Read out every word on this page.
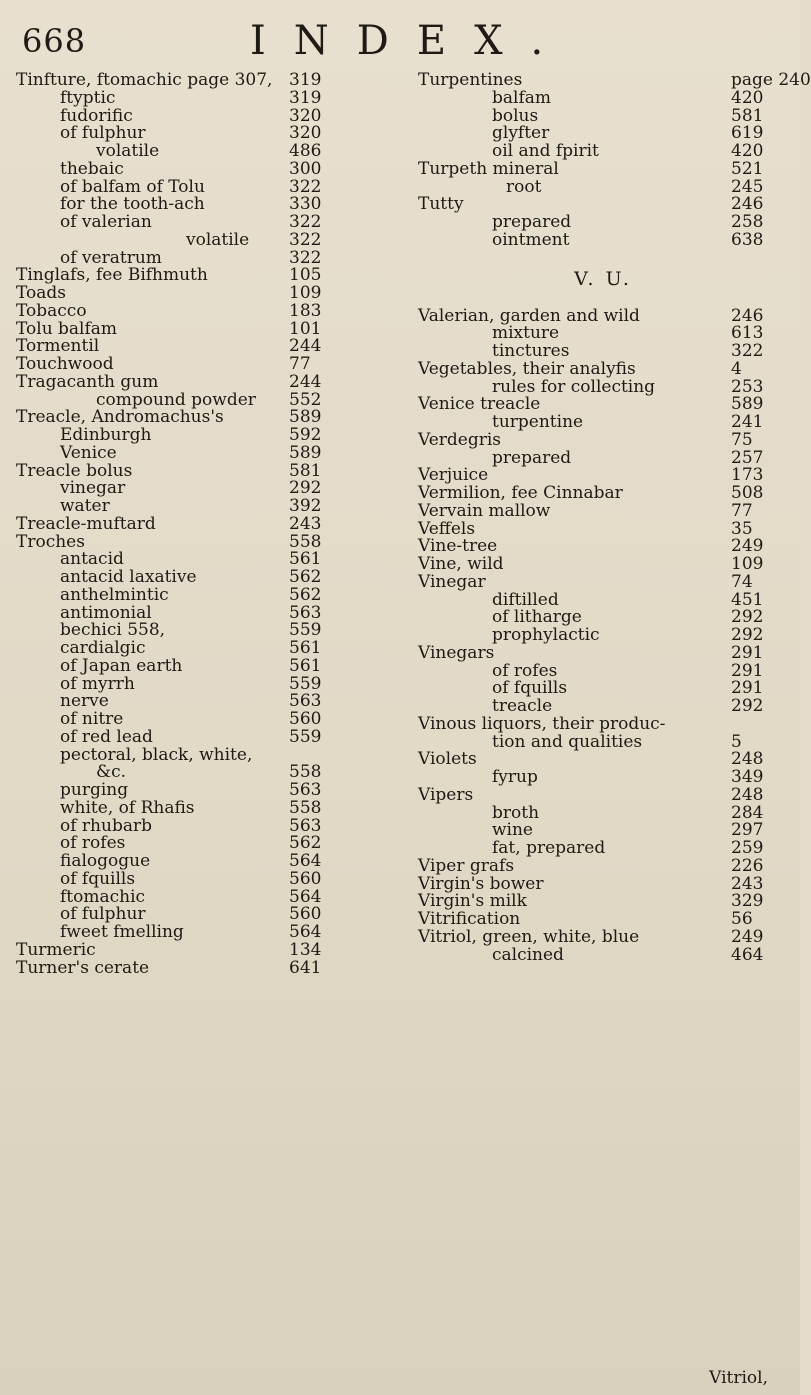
668	INDEX.
Tinfture, ftomachic page 307, 319
ftyptic	319
fudorific	320
of fulphur	320
volatile	486
thebaic	300
of balfam of Tolu	322
for the tooth-ach	330
of valerian	322
volatile 322
of veratrum	322
Tinglafs, fee Bifhmuth	105
Toads	109
Tobacco	183
Tolu balfam	101
Tormentil	244
Touchwood	77
Tragacanth gum	244
compound powder 552
Treacle, Andromachus's	589
Edinburgh	592
Venice	589
Treacle bolus	581
vinegar	292
water	392
Treacle-muftard	243
Troches	558
antacid	561
antacid laxative	562
anthelmintic	562
antimonial	563
bechici 558,	559
cardialgic	561
of Japan earth	561
of myrrh	559
nerve	563
of nitre	560
of red lead	559
pectoral, black, white,
&c.	558
purging	563
white, of Rhafis	558
of rhubarb	563
of rofes	562
fialogogue	564
of fquills	560
ftomachic	564
of fulphur	560
fweet fmelling	564
Turmeric	134
Turner's cerate	641
Turpentines	page 240
balfam	420
bolus	581
glyfter	619
oil and fpirit	420
Turpeth mineral	521
root	245
Tutty	246
prepared	258
ointment	638
V. U.
Valerian, garden and wild	246
mixture	613
tinctures	322
Vegetables, their analyfis	4
rules for collecting	253
Venice treacle	589
turpentine	241
Verdegris	75
prepared	257
Verjuice	173
Vermilion, fee Cinnabar	508
Vervain mallow	77
Veffels	35
Vine-tree	249
Vine, wild	109
Vinegar	74
diftilled	451
of litharge	292
prophylactic	292
Vinegars	291
of rofes	291
of fquills	291
treacle	292
Vinous liquors, their produc-
tion and qualities	5
Violets	248
fyrup	349
Vipers	248
broth	284
wine	297
fat, prepared	259
Viper grafs	226
Virgin's bower	243
Virgin's milk	329
Vitrification	56
Vitriol, green, white, blue	249
calcined	464
Vitriol,
